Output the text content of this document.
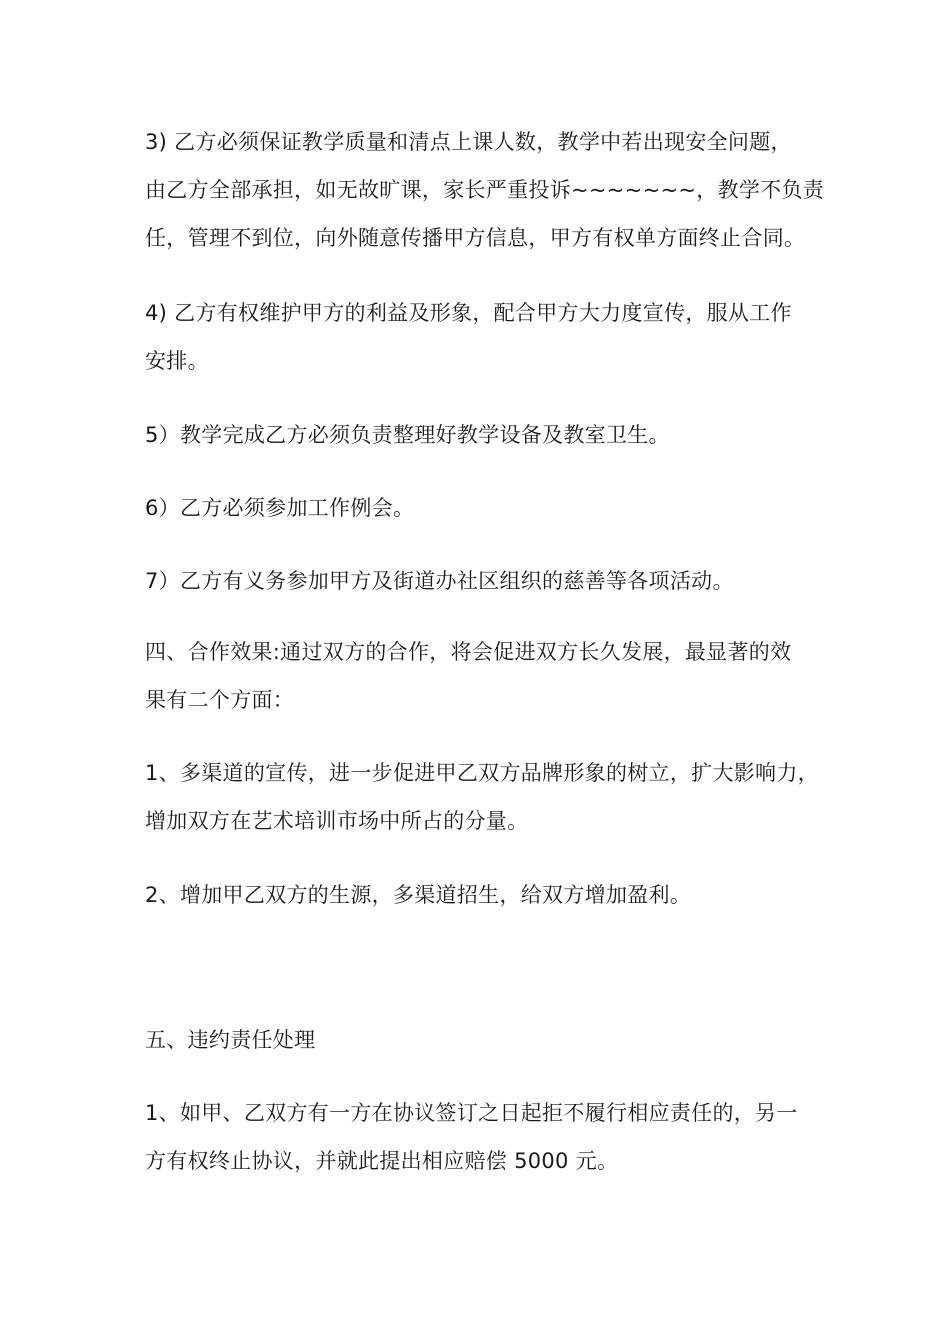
3) 乙方必须保证教学质量和清点上课人数，教学中若出现安全问题，
由乙方全部承担，如无故旷课，家长严重投诉~~~~~~~，教学不负责
任，管理不到位，向外随意传播甲方信息，甲方有权单方面终止合同。
4) 乙方有权维护甲方的利益及形象，配合甲方大力度宣传，服从工作
安排。
5）教学完成乙方必须负责整理好教学设备及教室卫生。
6）乙方必须参加工作例会。
7）乙方有义务参加甲方及街道办社区组织的慈善等各项活动。
四、合作效果:通过双方的合作，将会促进双方长久发展，最显著的效
果有二个方面：
1、多渠道的宣传，进一步促进甲乙双方品牌形象的树立，扩大影响力，
增加双方在艺术培训市场中所占的分量。
2、增加甲乙双方的生源，多渠道招生，给双方增加盈利。
五、违约责任处理
1、如甲、乙双方有一方在协议签订之日起拒不履行相应责任的，另一
方有权终止协议，并就此提出相应赔偿 5000 元。
